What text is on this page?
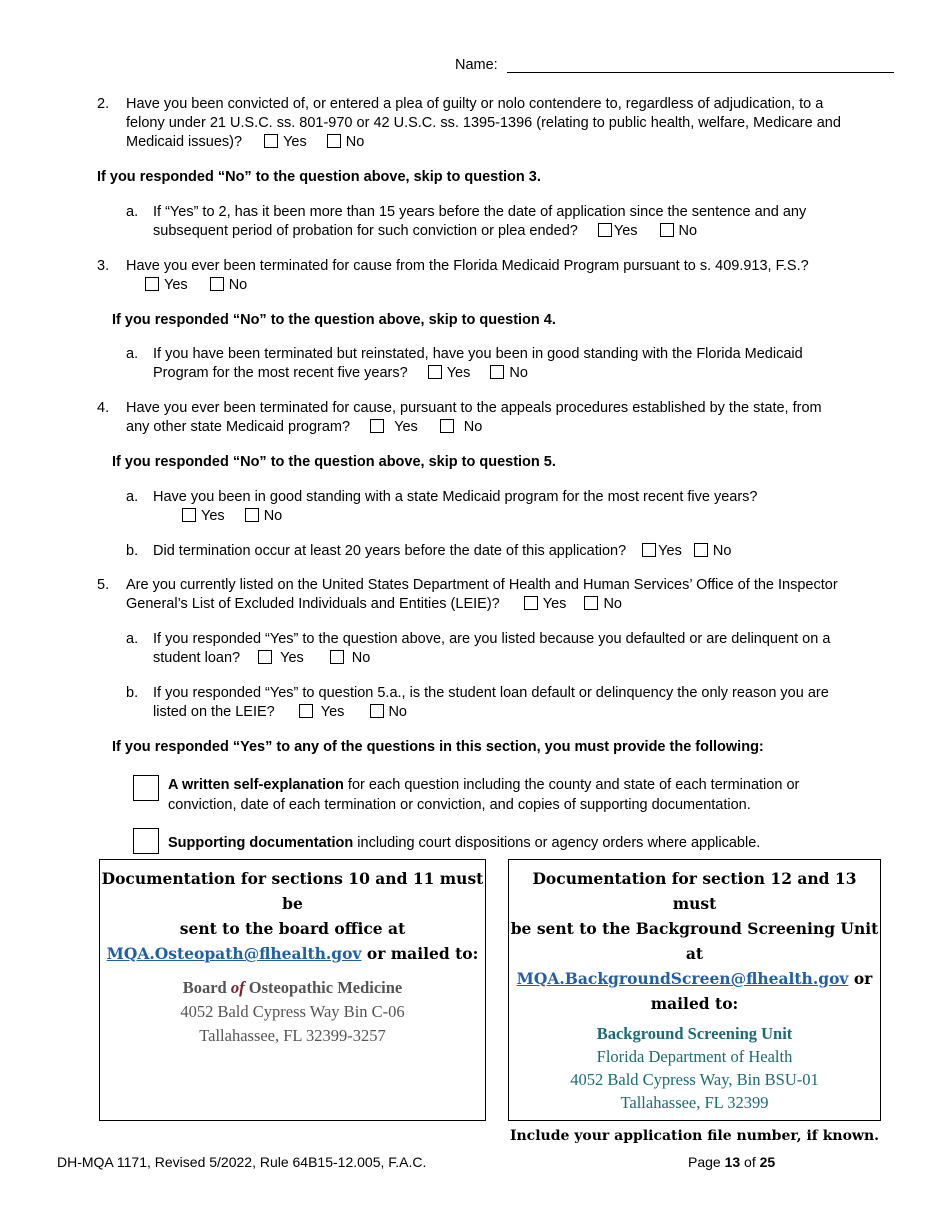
Name:
2. Have you been convicted of, or entered a plea of guilty or nolo contendere to, regardless of adjudication, to a
felony under 21 U.S.C. ss. 801-970 or 42 U.S.C. ss. 1395-1396 (relating to public health, welfare, Medicare and
Medicaid issues)?	Yes	No
If you responded “No” to the question above, skip to question 3.
a. If “Yes” to 2, has it been more than 15 years before the date of application since the sentence and any
subsequent period of probation for such conviction or plea ended? Yes	No
3. Have you ever been terminated for cause from the Florida Medicaid Program pursuant to s. 409.913, F.S.?
Yes	No
If you responded “No” to the question above, skip to question 4.
a. If you have been terminated but reinstated, have you been in good standing with the Florida Medicaid
Program for the most recent five years?	Yes	No
4. Have you ever been terminated for cause, pursuant to the appeals procedures established by the state, from
any other state Medicaid program?	Yes	No
If you responded “No” to the question above, skip to question 5.
a. Have you been in good standing with a state Medicaid program for the most recent five years?
Yes	No
b. Did termination occur at least 20 years before the date of this application? Yes No
5. Are you currently listed on the United States Department of Health and Human Services’ Office of the Inspector
General’s List of Excluded Individuals and Entities (LEIE)?	Yes	No
a. If you responded “Yes” to the question above, are you listed because you defaulted or are delinquent on a
student loan?	Yes	No
b. If you responded “Yes” to question 5.a., is the student loan default or delinquency the only reason you are
listed on the LEIE?	Yes	No
If you responded “Yes” to any of the questions in this section, you must provide the following:
A written self-explanation for each question including the county and state of each termination or
conviction, date of each termination or conviction, and copies of supporting documentation.
Supporting documentation including court dispositions or agency orders where applicable.
Documentation for sections 10 and 11 must be
sent to the board office at
MQA.Osteopath@flhealth.gov or mailed to:
Board of Osteopathic Medicine
4052 Bald Cypress Way Bin C-06
Tallahassee, FL 32399-3257
Documentation for section 12 and 13 must
be sent to the Background Screening Unit at
MQA.BackgroundScreen@flhealth.gov or
mailed to:
Background Screening Unit
Florida Department of Health
4052 Bald Cypress Way, Bin BSU-01
Tallahassee, FL 32399
Include your application file number, if known.
DH-MQA 1171, Revised 5/2022, Rule 64B15-12.005, F.A.C.	Page 13 of 25
